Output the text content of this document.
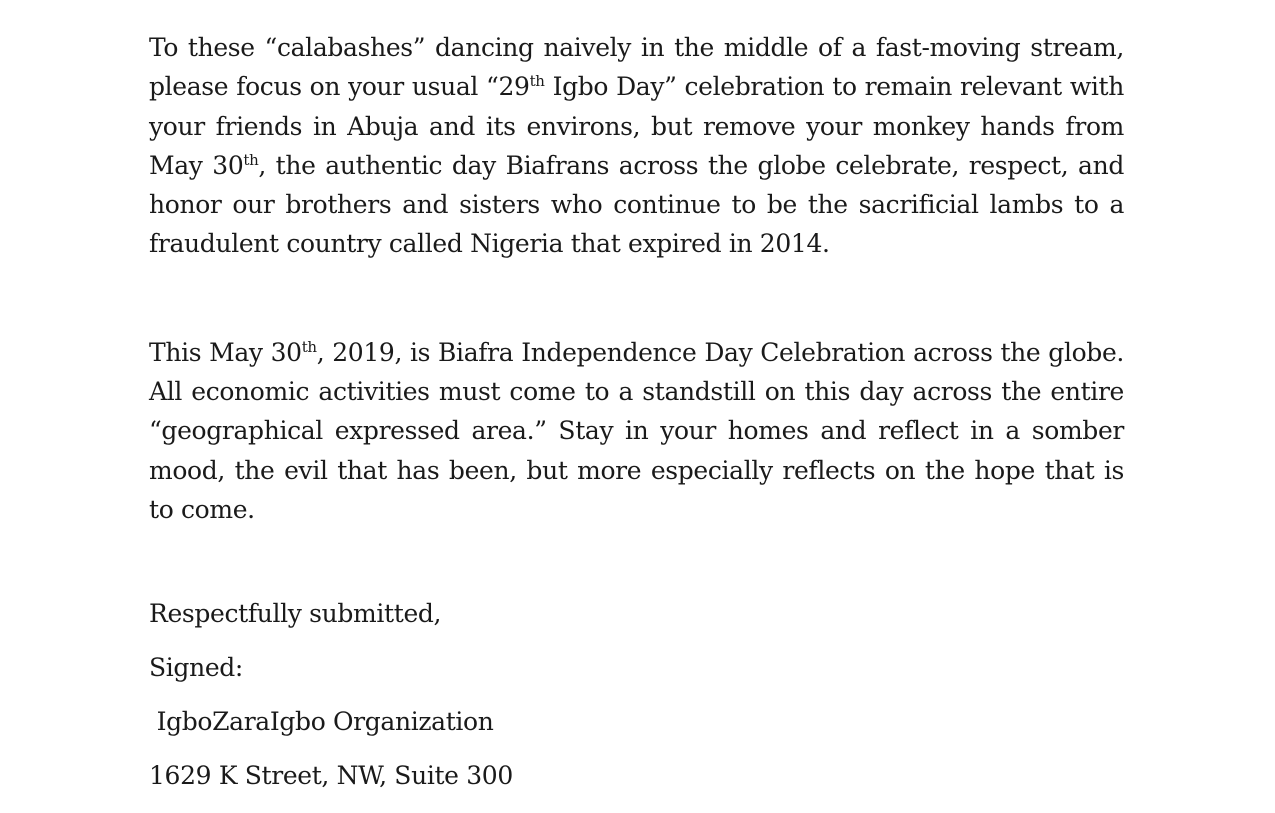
To these “calabashes” dancing naively in the middle of a fast-moving stream, please focus on your usual “29th Igbo Day” celebration to remain relevant with your friends in Abuja and its environs, but remove your monkey hands from May 30th, the authentic day Biafrans across the globe celebrate, respect, and honor our brothers and sisters who continue to be the sacrificial lambs to a fraudulent country called Nigeria that expired in 2014.

This May 30th, 2019, is Biafra Independence Day Celebration across the globe. All economic activities must come to a standstill on this day across the entire “geographical expressed area.” Stay in your homes and reflect in a somber mood, the evil that has been, but more especially reflects on the hope that is to come.

Respectfully submitted,

Signed:

IgboZaraIgbo Organization

1629 K Street, NW, Suite 300
